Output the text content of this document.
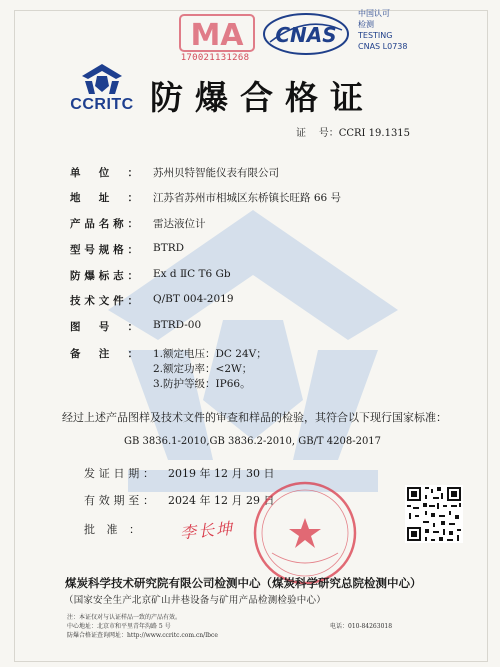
MA
170021131268
CNAS
中国认可
检测
TESTING
CNAS L0738
CCRITC 防爆合格证
证    号：CCRI 19.1315
单位： 苏州贝特智能仪表有限公司
地址： 江苏省苏州市相城区东桥镇长旺路 66 号
产品名称： 雷达液位计
型号规格： BTRD
防爆标志： Ex d ⅡC T6 Gb
技术文件： Q/BT 004-2019
图号： BTRD-00
备注： 1.额定电压：DC 24V；
2.额定功率：<2W；
3.防护等级：IP66。
经过上述产品图样及技术文件的审查和样品的检验，其符合以下现行国家标准：
GB 3836.1-2010,GB 3836.2-2010, GB/T 4208-2017
发证日期： 2019 年 12 月 30 日
有效期至： 2024 年 12 月 29 日
批准： 李长坤
煤炭科学技术研究院有限公司检测中心（煤炭科学研究总院检测中心）
（国家安全生产北京矿山井巷设备与矿用产品检测检验中心）
注：本证仅对与认证样品一致的产品有效。
中心地址：北京市和平里青年沟路 5 号	电话：010-84263018
防爆合格证查询网址：http://www.ccritc.com.cn/lbce
